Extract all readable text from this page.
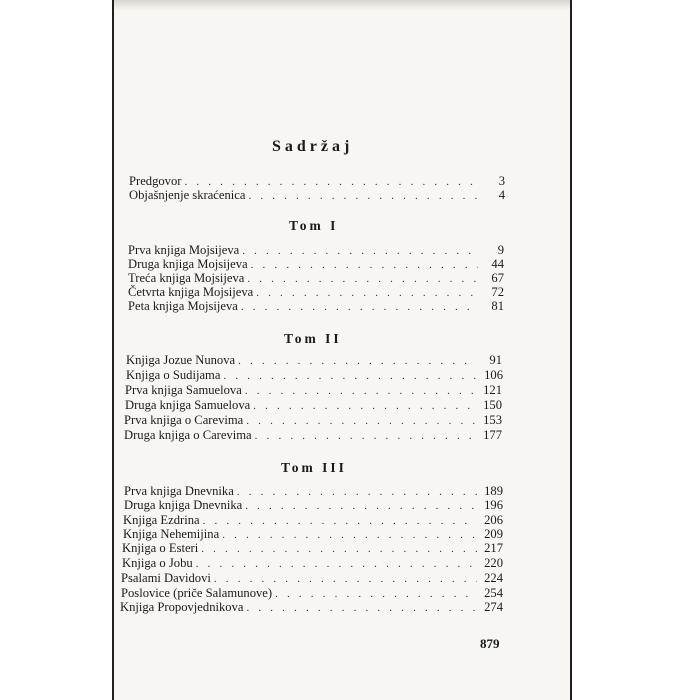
Sadržaj
Predgovor . . .	3
Objašnjenje skraćenica . . .	4
Tom I
Prva knjiga Mojsijeva . . .	9
Druga knjiga Mojsijeva . . .	44
Treća knjiga Mojsijeva . . .	67
Četvrta knjiga Mojsijeva . . .	72
Peta knjiga Mojsijeva . . .	81
Tom II
Knjiga Jozue Nunova . . .	91
Knjiga o Sudijama . . .	106
Prva knjiga Samuelova . . .	121
Druga knjiga Samuelova . . .	150
Prva knjiga o Carevima . . .	153
Druga knjiga o Carevima . . .	177
Tom III
Prva knjiga Dnevnika . . .	189
Druga knjiga Dnevnika . . .	196
Knjiga Ezdrina . . .	206
Knjiga Nehemijina . . .	209
Knjiga o Esteri . . .	217
Knjiga o Jobu . . .	220
Psalami Davidovi . . .	224
Poslovice (priče Salamunove) . . .	254
Knjiga Propovjednikova . . .	274
879
